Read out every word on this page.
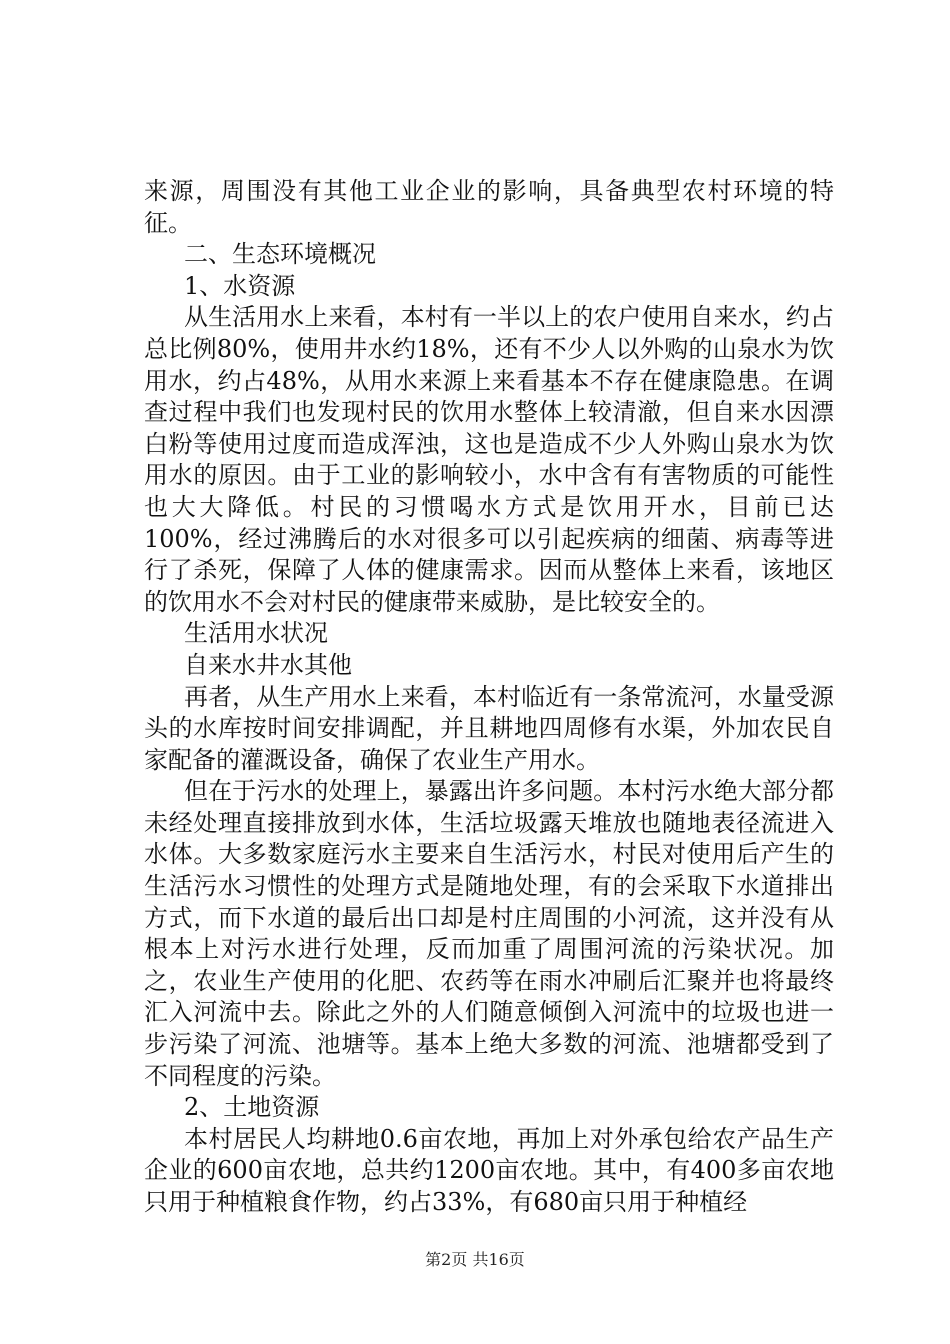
来源，周围没有其他工业企业的影响，具备典型农村环境的特征。

二、生态环境概况

1、水资源

从生活用水上来看，本村有一半以上的农户使用自来水，约占总比例80%，使用井水约18%，还有不少人以外购的山泉水为饮用水，约占48%，从用水来源上来看基本不存在健康隐患。在调查过程中我们也发现村民的饮用水整体上较清澈，但自来水因漂白粉等使用过度而造成浑浊，这也是造成不少人外购山泉水为饮用水的原因。由于工业的影响较小，水中含有有害物质的可能性也大大降低。村民的习惯喝水方式是饮用开水，目前已达100%，经过沸腾后的水对很多可以引起疾病的细菌、病毒等进行了杀死，保障了人体的健康需求。因而从整体上来看，该地区的饮用水不会对村民的健康带来威胁，是比较安全的。

生活用水状况

自来水井水其他

再者，从生产用水上来看，本村临近有一条常流河，水量受源头的水库按时间安排调配，并且耕地四周修有水渠，外加农民自家配备的灌溉设备，确保了农业生产用水。

但在于污水的处理上，暴露出许多问题。本村污水绝大部分都未经处理直接排放到水体，生活垃圾露天堆放也随地表径流进入水体。大多数家庭污水主要来自生活污水，村民对使用后产生的生活污水习惯性的处理方式是随地处理，有的会采取下水道排出方式，而下水道的最后出口却是村庄周围的小河流，这并没有从根本上对污水进行处理，反而加重了周围河流的污染状况。加之，农业生产使用的化肥、农药等在雨水冲刷后汇聚并也将最终汇入河流中去。除此之外的人们随意倾倒入河流中的垃圾也进一步污染了河流、池塘等。基本上绝大多数的河流、池塘都受到了不同程度的污染。

2、土地资源

本村居民人均耕地0.6亩农地，再加上对外承包给农产品生产企业的600亩农地，总共约1200亩农地。其中，有400多亩农地只用于种植粮食作物，约占33%，有680亩只用于种植经

第2页 共16页
